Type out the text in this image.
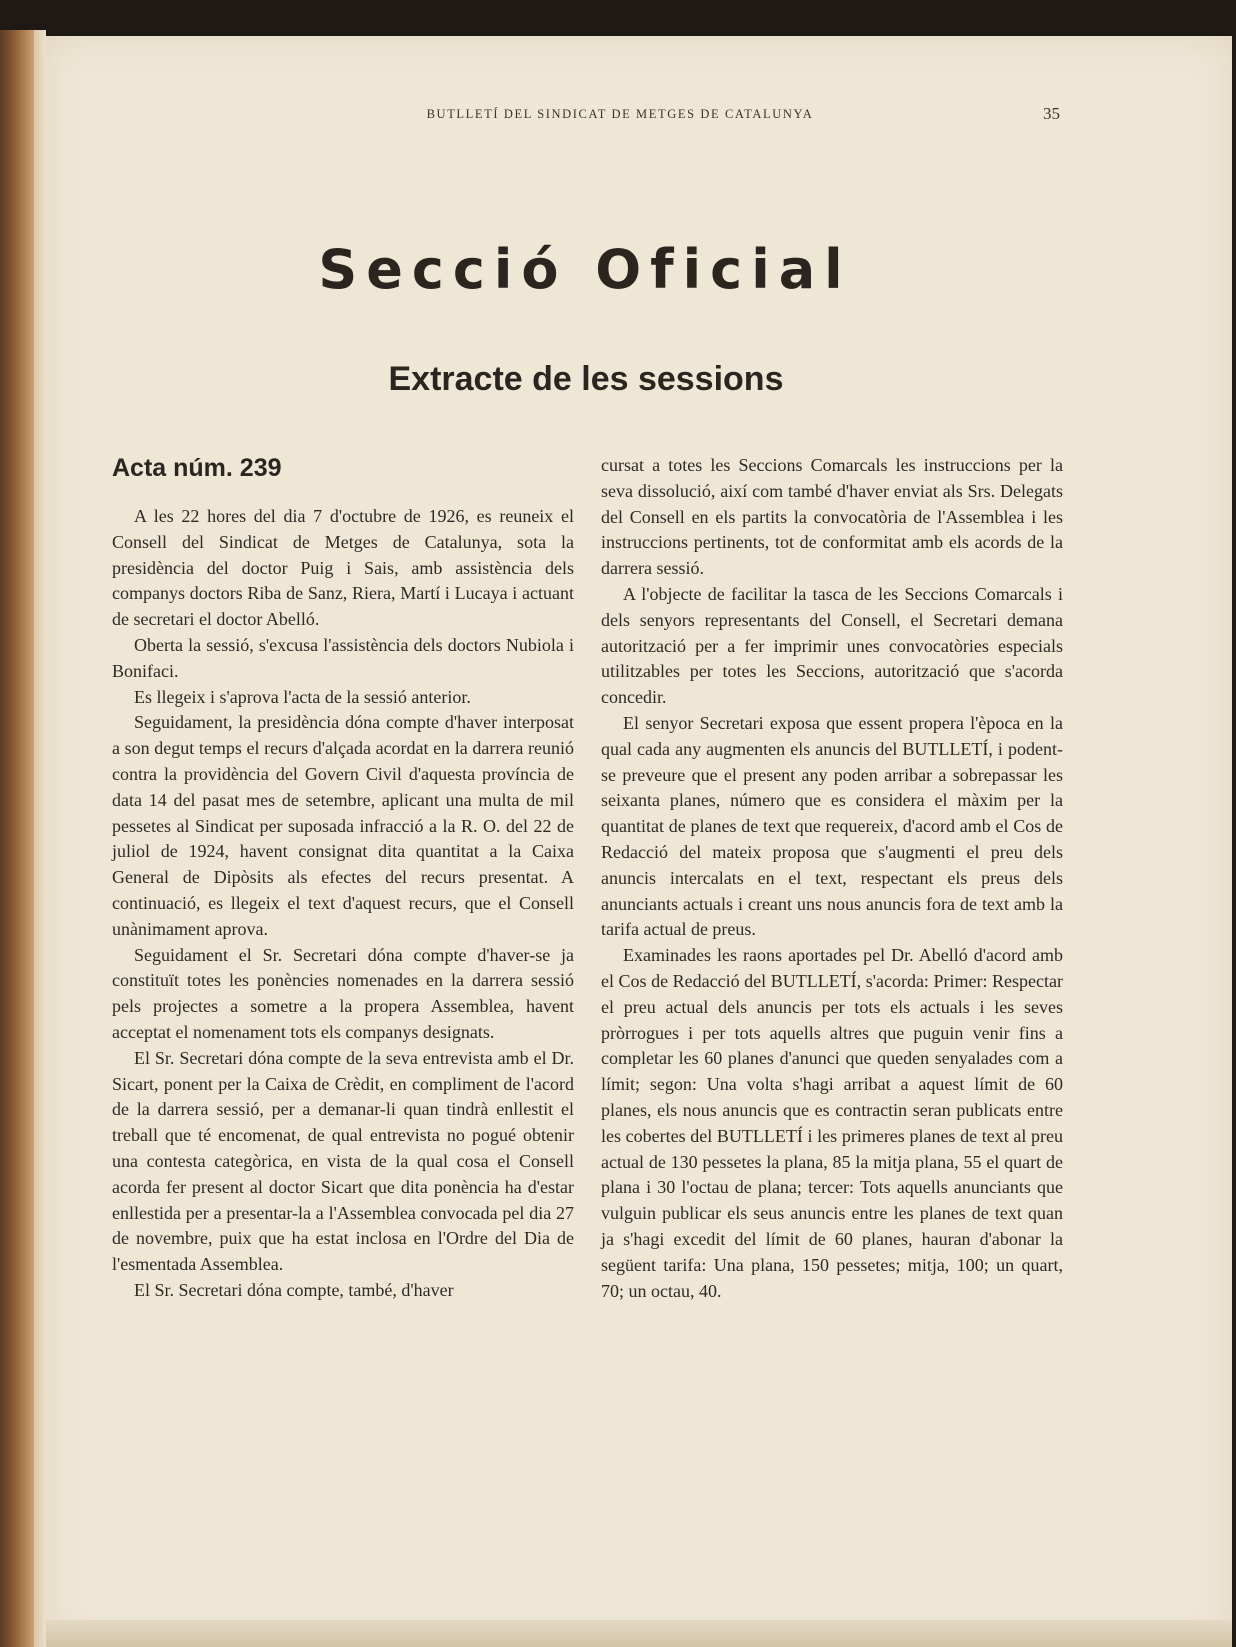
BUTLLETÍ DEL SINDICAT DE METGES DE CATALUNYA	35
Secció Oficial
Extracte de les sessions
Acta núm. 239

A les 22 hores del dia 7 d'octubre de 1926, es reuneix el Consell del Sindicat de Metges de Catalunya, sota la presidència del doctor Puig i Sais, amb assistència dels companys doctors Riba de Sanz, Riera, Martí i Lucaya i actuant de secretari el doctor Abelló.

Oberta la sessió, s'excusa l'assistència dels doctors Nubiola i Bonifaci.

Es llegeix i s'aprova l'acta de la sessió anterior.

Seguidament, la presidència dóna compte d'haver interposat a son degut temps el recurs d'alçada acordat en la darrera reunió contra la providència del Govern Civil d'aquesta província de data 14 del pasat mes de setembre, aplicant una multa de mil pessetes al Sindicat per suposada infracció a la R. O. del 22 de juliol de 1924, havent consignat dita quantitat a la Caixa General de Dipòsits als efectes del recurs presentat. A continuació, es llegeix el text d'aquest recurs, que el Consell unànimament aprova.

Seguidament el Sr. Secretari dóna compte d'haver-se ja constituït totes les ponències nomenades en la darrera sessió pels projectes a sometre a la propera Assemblea, havent acceptat el nomenament tots els companys designats.

El Sr. Secretari dóna compte de la seva entrevista amb el Dr. Sicart, ponent per la Caixa de Crèdit, en compliment de l'acord de la darrera sessió, per a demanar-li quan tindrà enllestit el treball que té encomenat, de qual entrevista no pogué obtenir una contesta categòrica, en vista de la qual cosa el Consell acorda fer present al doctor Sicart que dita ponència ha d'estar enllestida per a presentar-la a l'Assemblea convocada pel dia 27 de novembre, puix que ha estat inclosa en l'Ordre del Dia de l'esmentada Assemblea.

El Sr. Secretari dóna compte, també, d'haver

cursat a totes les Seccions Comarcals les instruccions per la seva dissolució, així com també d'haver enviat als Srs. Delegats del Consell en els partits la convocatòria de l'Assemblea i les instruccions pertinents, tot de conformitat amb els acords de la darrera sessió.

A l'objecte de facilitar la tasca de les Seccions Comarcals i dels senyors representants del Consell, el Secretari demana autorització per a fer imprimir unes convocatòries especials utilitzables per totes les Seccions, autorització que s'acorda concedir.

El senyor Secretari exposa que essent propera l'època en la qual cada any augmenten els anuncis del BUTLLETÍ, i podent-se preveure que el present any poden arribar a sobrepassar les seixanta planes, número que es considera el màxim per la quantitat de planes de text que requereix, d'acord amb el Cos de Redacció del mateix proposa que s'augmenti el preu dels anuncis intercalats en el text, respectant els preus dels anunciants actuals i creant uns nous anuncis fora de text amb la tarifa actual de preus.

Examinades les raons aportades pel Dr. Abelló d'acord amb el Cos de Redacció del BUTLLETÍ, s'acorda: Primer: Respectar el preu actual dels anuncis per tots els actuals i les seves pròrrogues i per tots aquells altres que puguin venir fins a completar les 60 planes d'anunci que queden senyalades com a límit; segon: Una volta s'hagi arribat a aquest límit de 60 planes, els nous anuncis que es contractin seran publicats entre les cobertes del BUTLLETÍ i les primeres planes de text al preu actual de 130 pessetes la plana, 85 la mitja plana, 55 el quart de plana i 30 l'octau de plana; tercer: Tots aquells anunciants que vulguin publicar els seus anuncis entre les planes de text quan ja s'hagi excedit del límit de 60 planes, hauran d'abonar la següent tarifa: Una plana, 150 pessetes; mitja, 100; un quart, 70; un octau, 40.
